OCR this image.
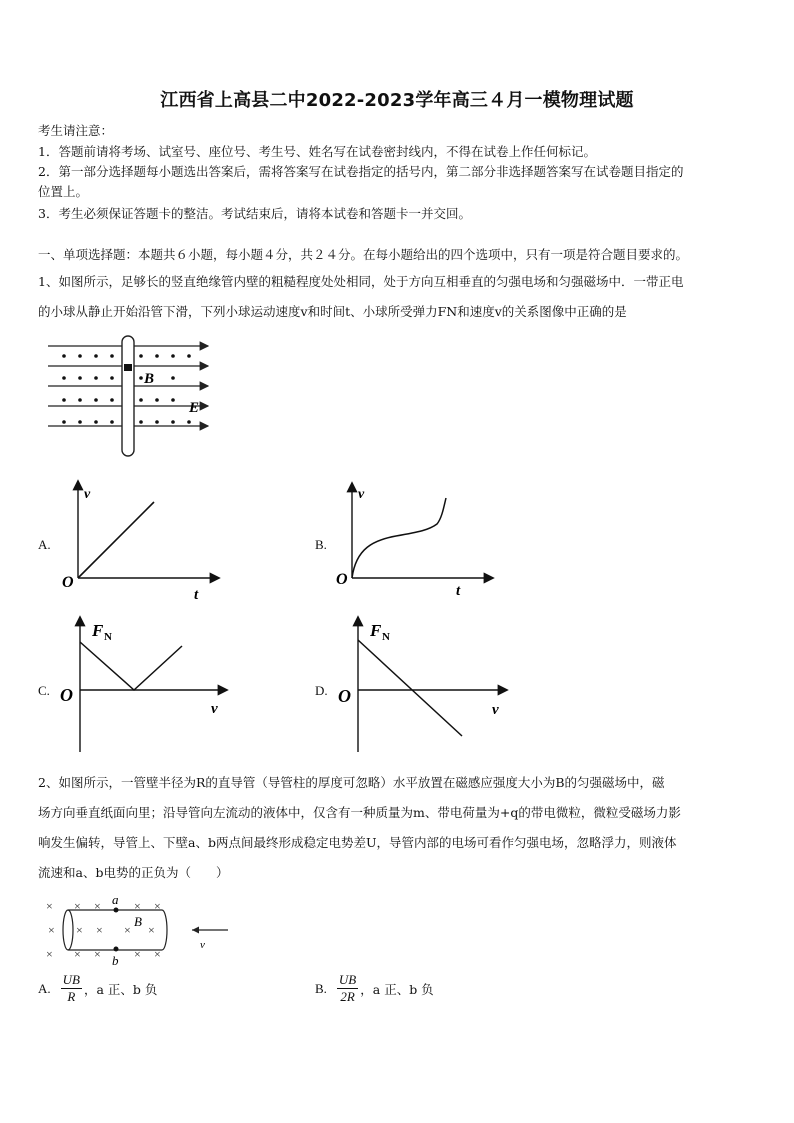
江西省上高县二中2022-2023学年高三４月一模物理试题
考生请注意：
1．答题前请将考场、试室号、座位号、考生号、姓名写在试卷密封线内，不得在试卷上作任何标记。
2．第一部分选择题每小题选出答案后，需将答案写在试卷指定的括号内，第二部分非选择题答案写在试卷题目指定的
位置上。
3．考生必须保证答题卡的整洁。考试结束后，请将本试卷和答题卡一并交回。
一、单项选择题：本题共６小题，每小题４分，共２４分。在每小题给出的四个选项中，只有一项是符合题目要求的。
1、如图所示，足够长的竖直绝缘管内壁的粗糙程度处处相同，处于方向互相垂直的匀强电场和匀强磁场中．一带正电
的小球从静止开始沿管下滑，下列小球运动速度v和时间t、小球所受弹力FN和速度v的关系图像中正确的是
B
E
A.
v
t
O
B.
v
t
O
C.
F N
v
O	D.
F N
v
O
2、如图所示，一管壁半径为R的直导管（导管柱的厚度可忽略）水平放置在磁感应强度大小为B的匀强磁场中，磁
场方向垂直纸面向里；沿导管向左流动的液体中，仅含有一种质量为m、带电荷量为+q的带电微粒，微粒受磁场力影
响发生偏转，导管上、下壁a、b两点间最终形成稳定电势差U，导管内部的电场可看作匀强电场，忽略浮力，则液体
流速和a、b电势的正负为（　　）
× × ×	× ×
× × × × ×
× × ×	× ×
a
b
B
v
A. $\frac{UB}{R}$ ，a 正、b 负	B. $\frac{UB}{2R}$ ，a 正、b 负
